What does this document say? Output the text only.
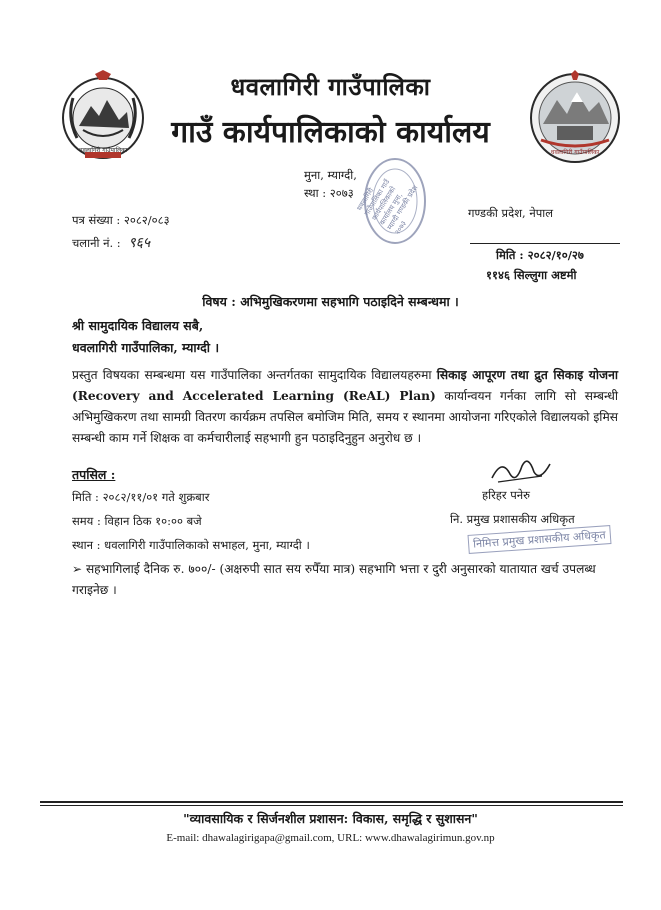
धवलागिरी गाउँपालिका	धवलागिरी गाउँपालिका
धवलागिरी गाउँपालिका
गाउँ कार्यपालिकाको कार्यालय
मुना, म्याग्दी,
स्था : २०७३ धवलागिरी गाउँपालिका गाउँ कार्यपालिकाको कार्यालय मुना, म्याग्दी गण्डकी प्रदेश २०७३
गण्डकी प्रदेश, नेपाल
पत्र संख्या : २०८२/०८३
चलानी नं. : ९६५
मिति : २०८२/१०/२७
११४६ सिल्लुगा अष्टमी
विषय : अभिमुखिकरणमा सहभागि पठाइदिने सम्बन्धमा ।
श्री सामुदायिक विद्यालय सबै,
धवलागिरी गाउँपालिका, म्याग्दी ।
प्रस्तुत विषयका सम्बन्धमा यस गाउँपालिका अन्तर्गतका सामुदायिक विद्यालयहरुमा सिकाइ आपूरण तथा द्रुत सिकाइ योजना (Recovery and Accelerated Learning (ReAL) Plan) कार्यान्वयन गर्नका लागि सो सम्बन्धी अभिमुखिकरण तथा सामग्री वितरण कार्यक्रम तपसिल बमोजिम मिति, समय र स्थानमा आयोजना गरिएकोले विद्यालयको इमिस सम्बन्धी काम गर्ने शिक्षक वा कर्मचारीलाई सहभागी हुन पठाइदिनुहुन अनुरोध छ ।
तपसिल :
मिति : २०८२/११/०१ गते शुक्रबार
समय : विहान ठिक १०:०० बजे
स्थान : धवलागिरी गाउँपालिकाको सभाहल, मुना, म्याग्दी ।
हरिहर पनेरु
नि. प्रमुख प्रशासकीय अधिकृत
निमित्त प्रमुख प्रशासकीय अधिकृत
➢ सहभागिलाई दैनिक रु. ७००/- (अक्षरुपी सात सय रुपैँया मात्र) सहभागि भत्ता र दुरी अनुसारको यातायात खर्च उपलब्ध गराइनेछ ।
"व्यावसायिक र सिर्जनशील प्रशासन: विकास, समृद्धि र सुशासन"
E-mail: dhawalagirigapa@gmail.com, URL: www.dhawalagirimun.gov.np
